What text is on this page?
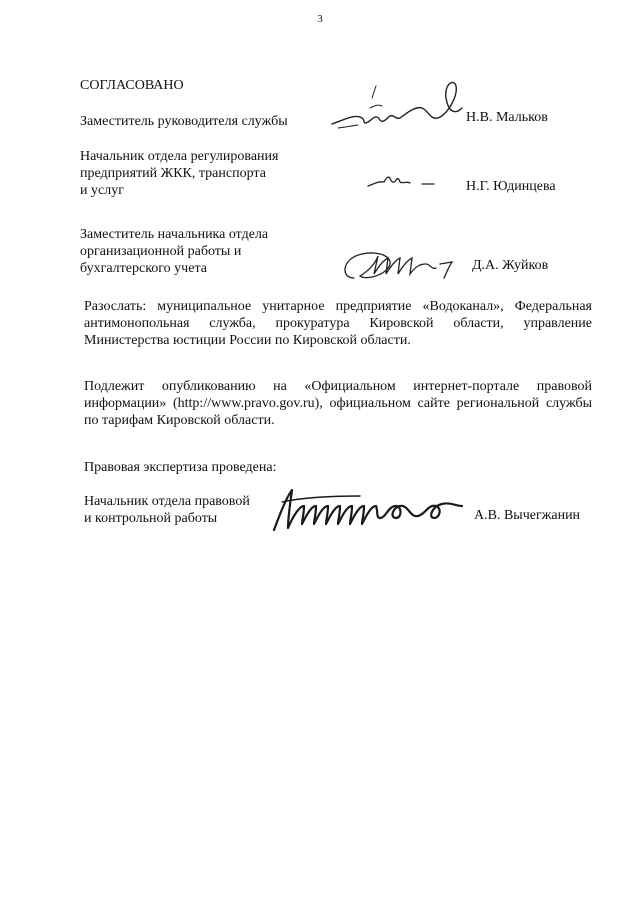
3
СОГЛАСОВАНО
Заместитель руководителя службы	Н.В. Мальков
Начальник отдела регулирования
предприятий ЖКК, транспорта
и услуг	Н.Г. Юдинцева
Заместитель начальника отдела
организационной работы и
бухгалтерского учета	Д.А. Жуйков
Разослать: муниципальное унитарное предприятие «Водоканал», Федеральная антимонопольная служба, прокуратура Кировской области, управление Министерства юстиции России по Кировской области.
Подлежит опубликованию на «Официальном интернет-портале правовой информации» (http://www.pravo.gov.ru), официальном сайте региональной службы по тарифам Кировской области.
Правовая экспертиза проведена:
Начальник отдела правовой
и контрольной работы	А.В. Вычегжанин
